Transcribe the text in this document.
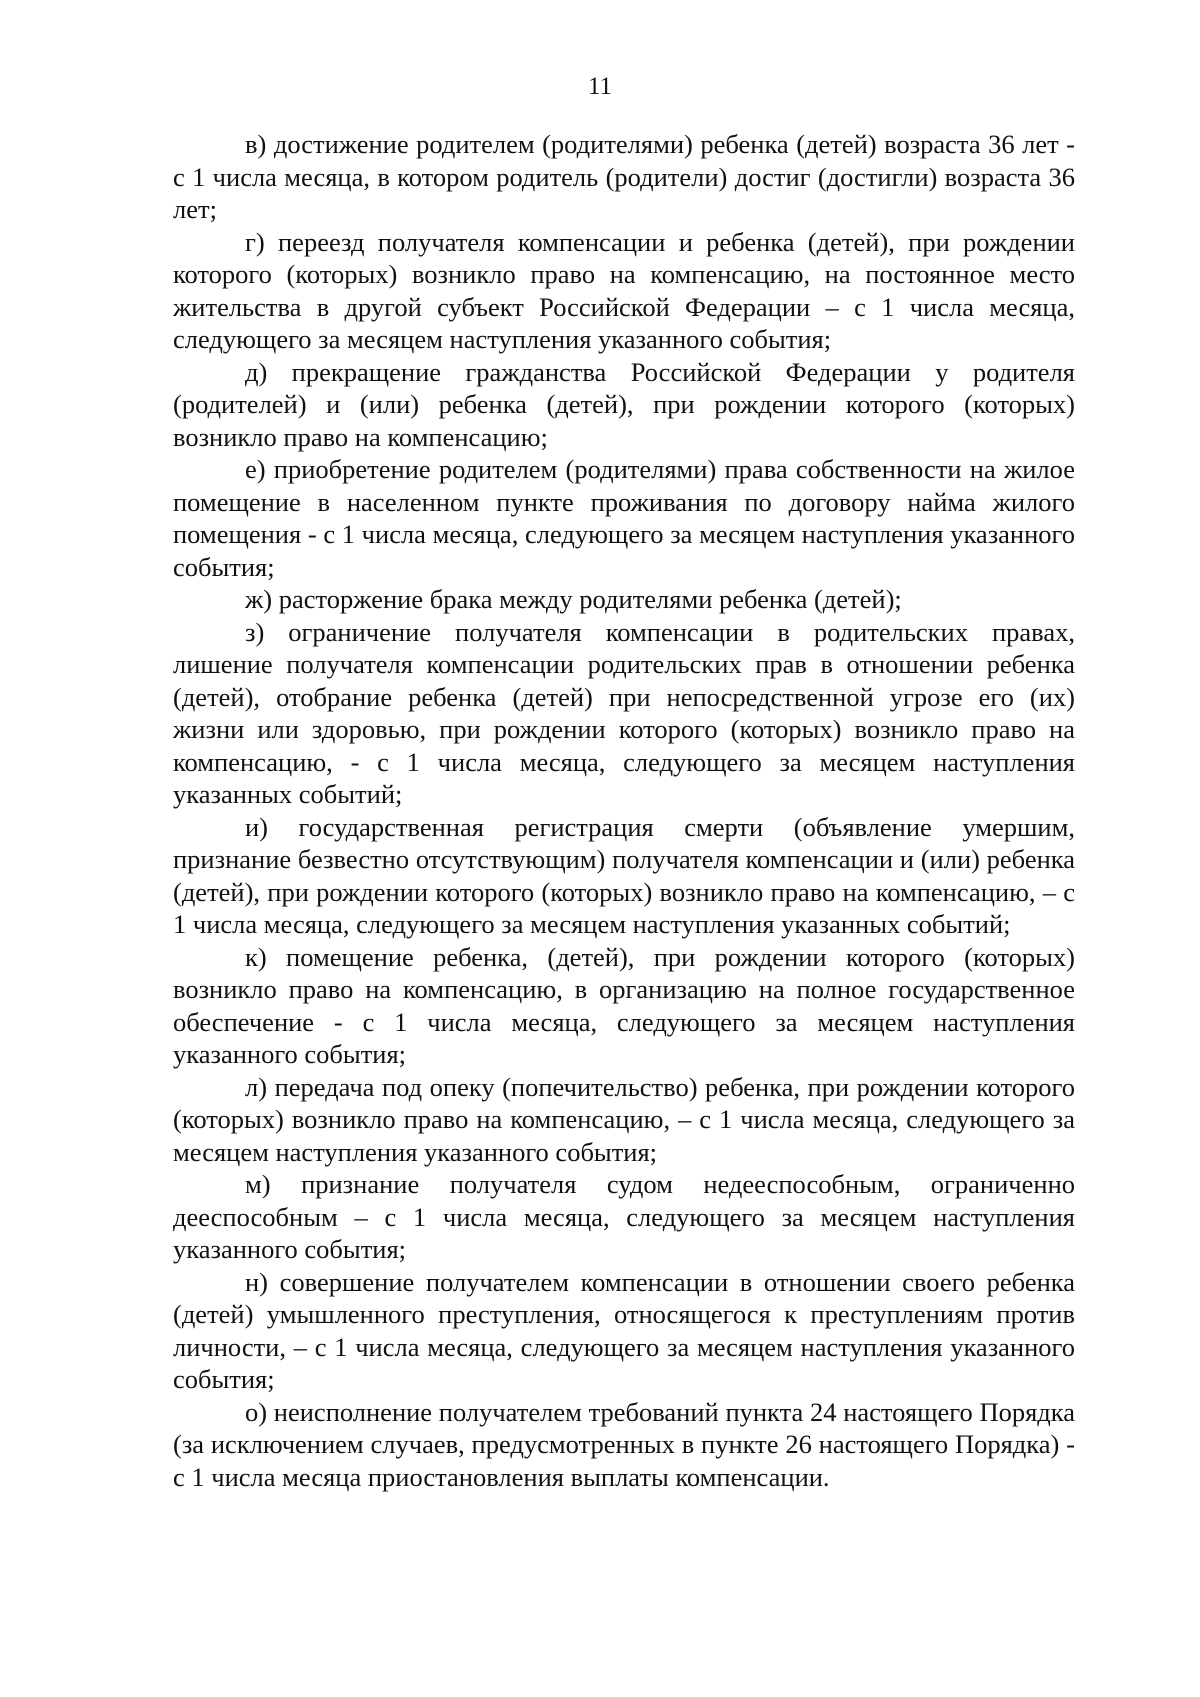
11

в) достижение родителем (родителями) ребенка (детей) возраста 36 лет - с 1 числа месяца, в котором родитель (родители) достиг (достигли) возраста 36 лет;

г) переезд получателя компенсации и ребенка (детей), при рождении которого (которых) возникло право на компенсацию, на постоянное место жительства в другой субъект Российской Федерации – с 1 числа месяца, следующего за месяцем наступления указанного события;

д) прекращение гражданства Российской Федерации у родителя (родителей) и (или) ребенка (детей), при рождении которого (которых) возникло право на компенсацию;

е) приобретение родителем (родителями) права собственности на жилое помещение в населенном пункте проживания по договору найма жилого помещения - с 1 числа месяца, следующего за месяцем наступления указанного события;

ж) расторжение брака между родителями ребенка (детей);

з) ограничение получателя компенсации в родительских правах, лишение получателя компенсации родительских прав в отношении ребенка (детей), отобрание ребенка (детей) при непосредственной угрозе его (их) жизни или здоровью, при рождении которого (которых) возникло право на компенсацию, - с 1 числа месяца, следующего за месяцем наступления указанных событий;

и) государственная регистрация смерти (объявление умершим, признание безвестно отсутствующим) получателя компенсации и (или) ребенка (детей), при рождении которого (которых) возникло право на компенсацию, – с 1 числа месяца, следующего за месяцем наступления указанных событий;

к) помещение ребенка, (детей), при рождении которого (которых) возникло право на компенсацию, в организацию на полное государственное обеспечение - с 1 числа месяца, следующего за месяцем наступления указанного события;

л) передача под опеку (попечительство) ребенка, при рождении которого (которых) возникло право на компенсацию, – с 1 числа месяца, следующего за месяцем наступления указанного события;

м) признание получателя судом недееспособным, ограниченно дееспособным – с 1 числа месяца, следующего за месяцем наступления указанного события;

н) совершение получателем компенсации в отношении своего ребенка (детей) умышленного преступления, относящегося к преступлениям против личности, – с 1 числа месяца, следующего за месяцем наступления указанного события;

о) неисполнение получателем требований пункта 24 настоящего Порядка (за исключением случаев, предусмотренных в пункте 26 настоящего Порядка) - с 1 числа месяца приостановления выплаты компенсации.
